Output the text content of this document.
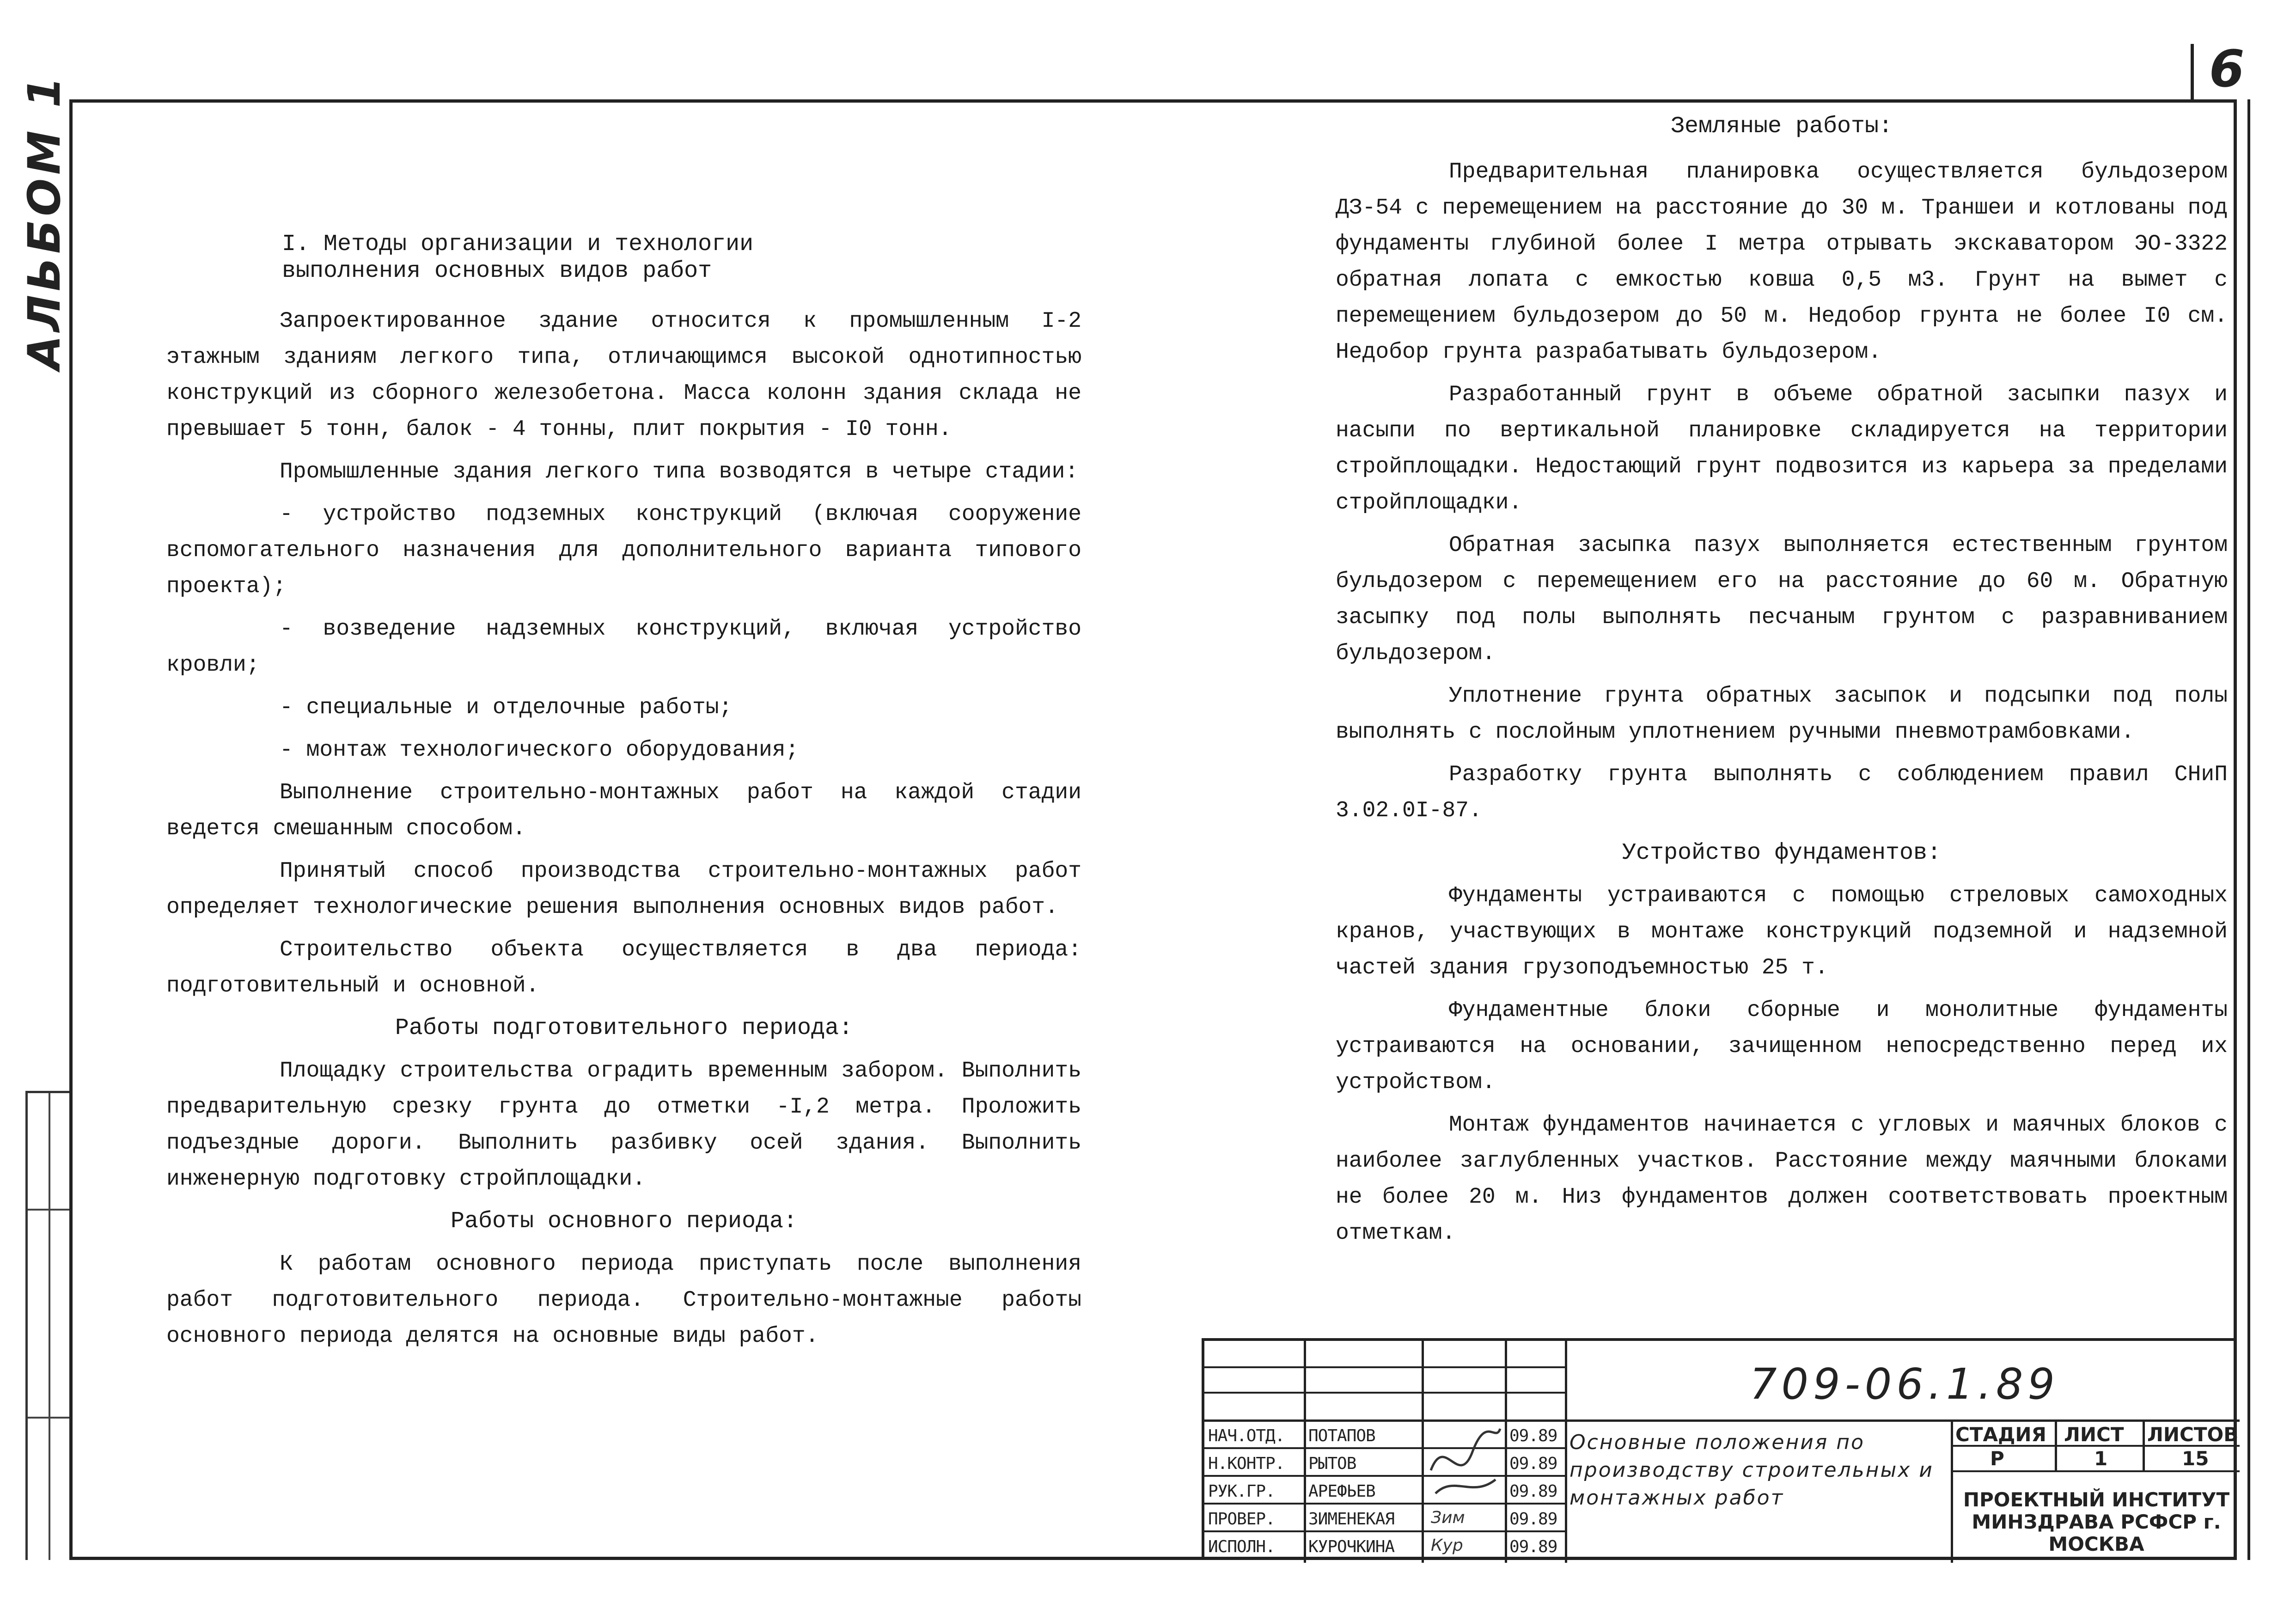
6
АЛЬБОМ 1	I. Методы организации и технологии
выполнения основных видов работ

Запроектированное здание относится к промышленным I-2 этажным зданиям легкого типа, отличающимся высокой однотипностью конструкций из сборного железобетона. Масса колонн здания склада не превышает 5 тонн, балок - 4 тонны, плит покрытия - I0 тонн.

Промышленные здания легкого типа возводятся в четыре стадии:

- устройство подземных конструкций (включая сооружение вспомогательного назначения для дополнительного варианта типового проекта);

- возведение надземных конструкций, включая устройство кровли;

- специальные и отделочные работы;

- монтаж технологического оборудования;

Выполнение строительно-монтажных работ на каждой стадии ведется смешанным способом.

Принятый способ производства строительно-монтажных работ определяет технологические решения выполнения основных видов работ.

Строительство объекта осуществляется в два периода: подготовительный и основной.

Работы подготовительного периода:

Площадку строительства оградить временным забором. Выполнить предварительную срезку грунта до отметки -I,2 метра. Проложить подъездные дороги. Выполнить разбивку осей здания. Выполнить инженерную подготовку стройплощадки.

Работы основного периода:

К работам основного периода приступать после выполнения работ подготовительного периода. Строительно-монтажные работы основного периода делятся на основные виды работ.

Земляные работы:

Предварительная планировка осуществляется бульдозером ДЗ-54 с перемещением на расстояние до 30 м. Траншеи и котлованы под фундаменты глубиной более I метра отрывать экскаватором ЭО-3322 обратная лопата с емкостью ковша 0,5 м3. Грунт на вымет с перемещением бульдозером до 50 м. Недобор грунта не более I0 см. Недобор грунта разрабатывать бульдозером.

Разработанный грунт в объеме обратной засыпки пазух и насыпи по вертикальной планировке складируется на территории стройплощадки. Недостающий грунт подвозится из карьера за пределами стройплощадки.

Обратная засыпка пазух выполняется естественным грунтом бульдозером с перемещением его на расстояние до 60 м. Обратную засыпку под полы выполнять песчаным грунтом с разравниванием бульдозером.

Уплотнение грунта обратных засыпок и подсыпки под полы выполнять с послойным уплотнением ручными пневмотрамбовками.

Разработку грунта выполнять с соблюдением правил СНиП 3.02.0I-87.

Устройство фундаментов:

Фундаменты устраиваются с помощью стреловых самоходных кранов, участвующих в монтаже конструкций подземной и надземной частей здания грузоподъемностью 25 т.

Фундаментные блоки сборные и монолитные фундаменты устраиваются на основании, зачищенном непосредственно перед их устройством.

Монтаж фундаментов начинается с угловых и маячных блоков с наиболее заглубленных участков. Расстояние между маячными блоками не более 20 м. Низ фундаментов должен соответствовать проектным отметкам.

709-06.1.89
Основные положения по производству строительных и монтажных работ
СТАДИЯ ЛИСТ ЛИСТОВ
Р	1	15
ПРОЕКТНЫЙ ИНСТИТУТ МИНЗДРАВА РСФСР г. МОСКВА
НАЧ.ОТД. ПОТАПОВ	09.89
Н.КОНТР. РЫТОВ	09.89
РУК.ГР. АРЕФЬЕВ	09.89
ПРОВЕР. ЗИМЕНЕКАЯ Зим	09.89
ИСПОЛН. КУРОЧКИНА Кур	09.89
